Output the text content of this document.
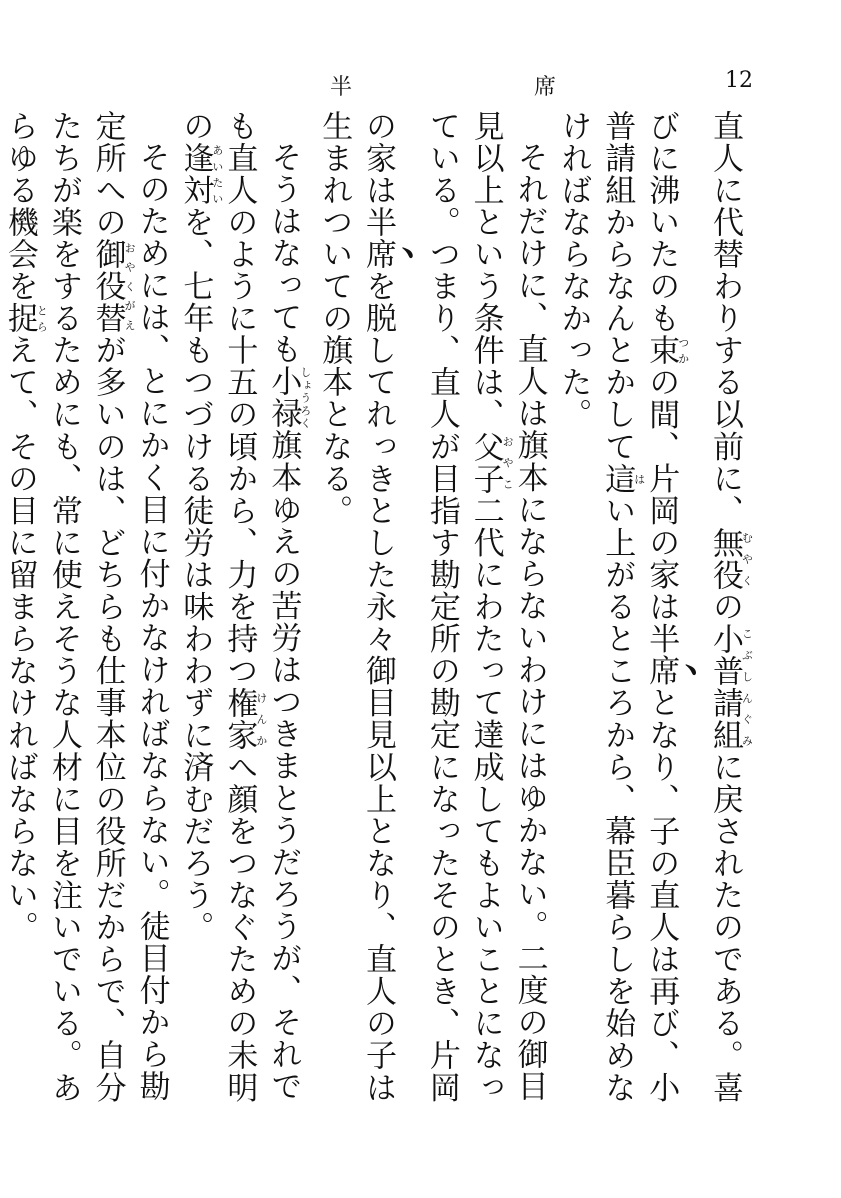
半　席	12

直人に代替わりする以前に、無役むやくの小普請組こぶしんぐみに戻されたのである。喜びに沸いたのも束つかの間、片岡の家は半席となり、子の直人は再び、小普請組からなんとかして這はい上がるところから、幕臣暮らしを始めなければならなかった。

それだけに、直人は旗本にならないわけにはゆかない。二度の御目見以上という条件は、父子おやこ二代にわたって達成してもよいことになっている。つまり、直人が目指す勘定所の勘定になったそのとき、片岡の家は半席を脱してれっきとした永々御目見以上となり、直人の子は生まれついての旗本となる。

そうはなっても小禄しょうろく旗本ゆえの苦労はつきまとうだろうが、それでも直人のように十五の頃から、力を持つ権家けんかへ顔をつなぐための未明の逢対あいたいを、七年もつづける徒労は味わわずに済むだろう。

そのためには、とにかく目に付かなければならない。徒目付から勘定所への御役替おやくがえが多いのは、どちらも仕事本位の役所だからで、自分たちが楽をするためにも、常に使えそうな人材に目を注いでいる。あらゆる機会を捉とらえて、その目に留まらなければならない。
